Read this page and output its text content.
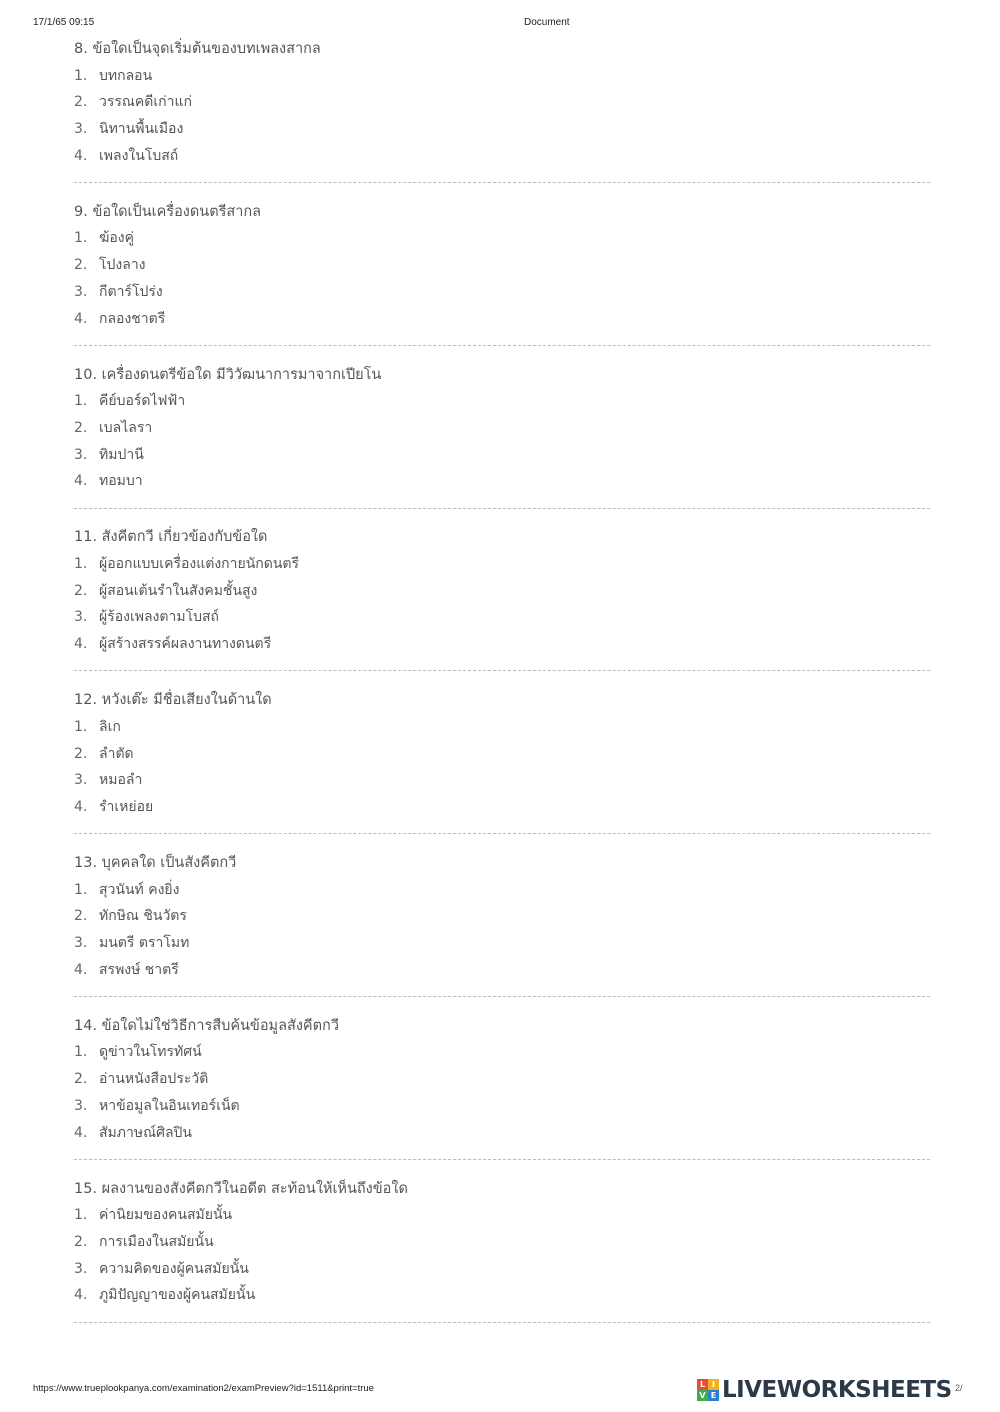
17/1/65 09:15	Document
8. ข้อใดเป็นจุดเริ่มต้นของบทเพลงสากล
1. บทกลอน
2. วรรณคดีเก่าแก่
3. นิทานพื้นเมือง
4. เพลงในโบสถ์
9. ข้อใดเป็นเครื่องดนตรีสากล
1. ฆ้องคู่
2. โปงลาง
3. กีตาร์โปร่ง
4. กลองชาตรี
10. เครื่องดนตรีข้อใด มีวิวัฒนาการมาจากเปียโน
1. คีย์บอร์ดไฟฟ้า
2. เบลไลรา
3. ทิมปานี
4. ทอมบา
11. สังคีตกวี เกี่ยวข้องกับข้อใด
1. ผู้ออกแบบเครื่องแต่งกายนักดนตรี
2. ผู้สอนเต้นรำในสังคมชั้นสูง
3. ผู้ร้องเพลงตามโบสถ์
4. ผู้สร้างสรรค์ผลงานทางดนตรี
12. หวังเต๊ะ มีชื่อเสียงในด้านใด
1. ลิเก
2. ลำตัด
3. หมอลำ
4. รำเหย่อย
13. บุคคลใด เป็นสังคีตกวี
1. สุวนันท์ คงยิ่ง
2. ทักษิณ ชินวัตร
3. มนตรี ตราโมท
4. สรพงษ์ ชาตรี
14. ข้อใดไม่ใช่วิธีการสืบค้นข้อมูลสังคีตกวี
1. ดูข่าวในโทรทัศน์
2. อ่านหนังสือประวัติ
3. หาข้อมูลในอินเทอร์เน็ต
4. สัมภาษณ์ศิลปิน
15. ผลงานของสังคีตกวีในอดีต สะท้อนให้เห็นถึงข้อใด
1. ค่านิยมของคนสมัยนั้น
2. การเมืองในสมัยนั้น
3. ความคิดของผู้คนสมัยนั้น
4. ภูมิปัญญาของผู้คนสมัยนั้น
https://www.trueplookpanya.com/examination2/examPreview?id=1511&print=true	L I
V E LIVEWORKSHEETS 2/
